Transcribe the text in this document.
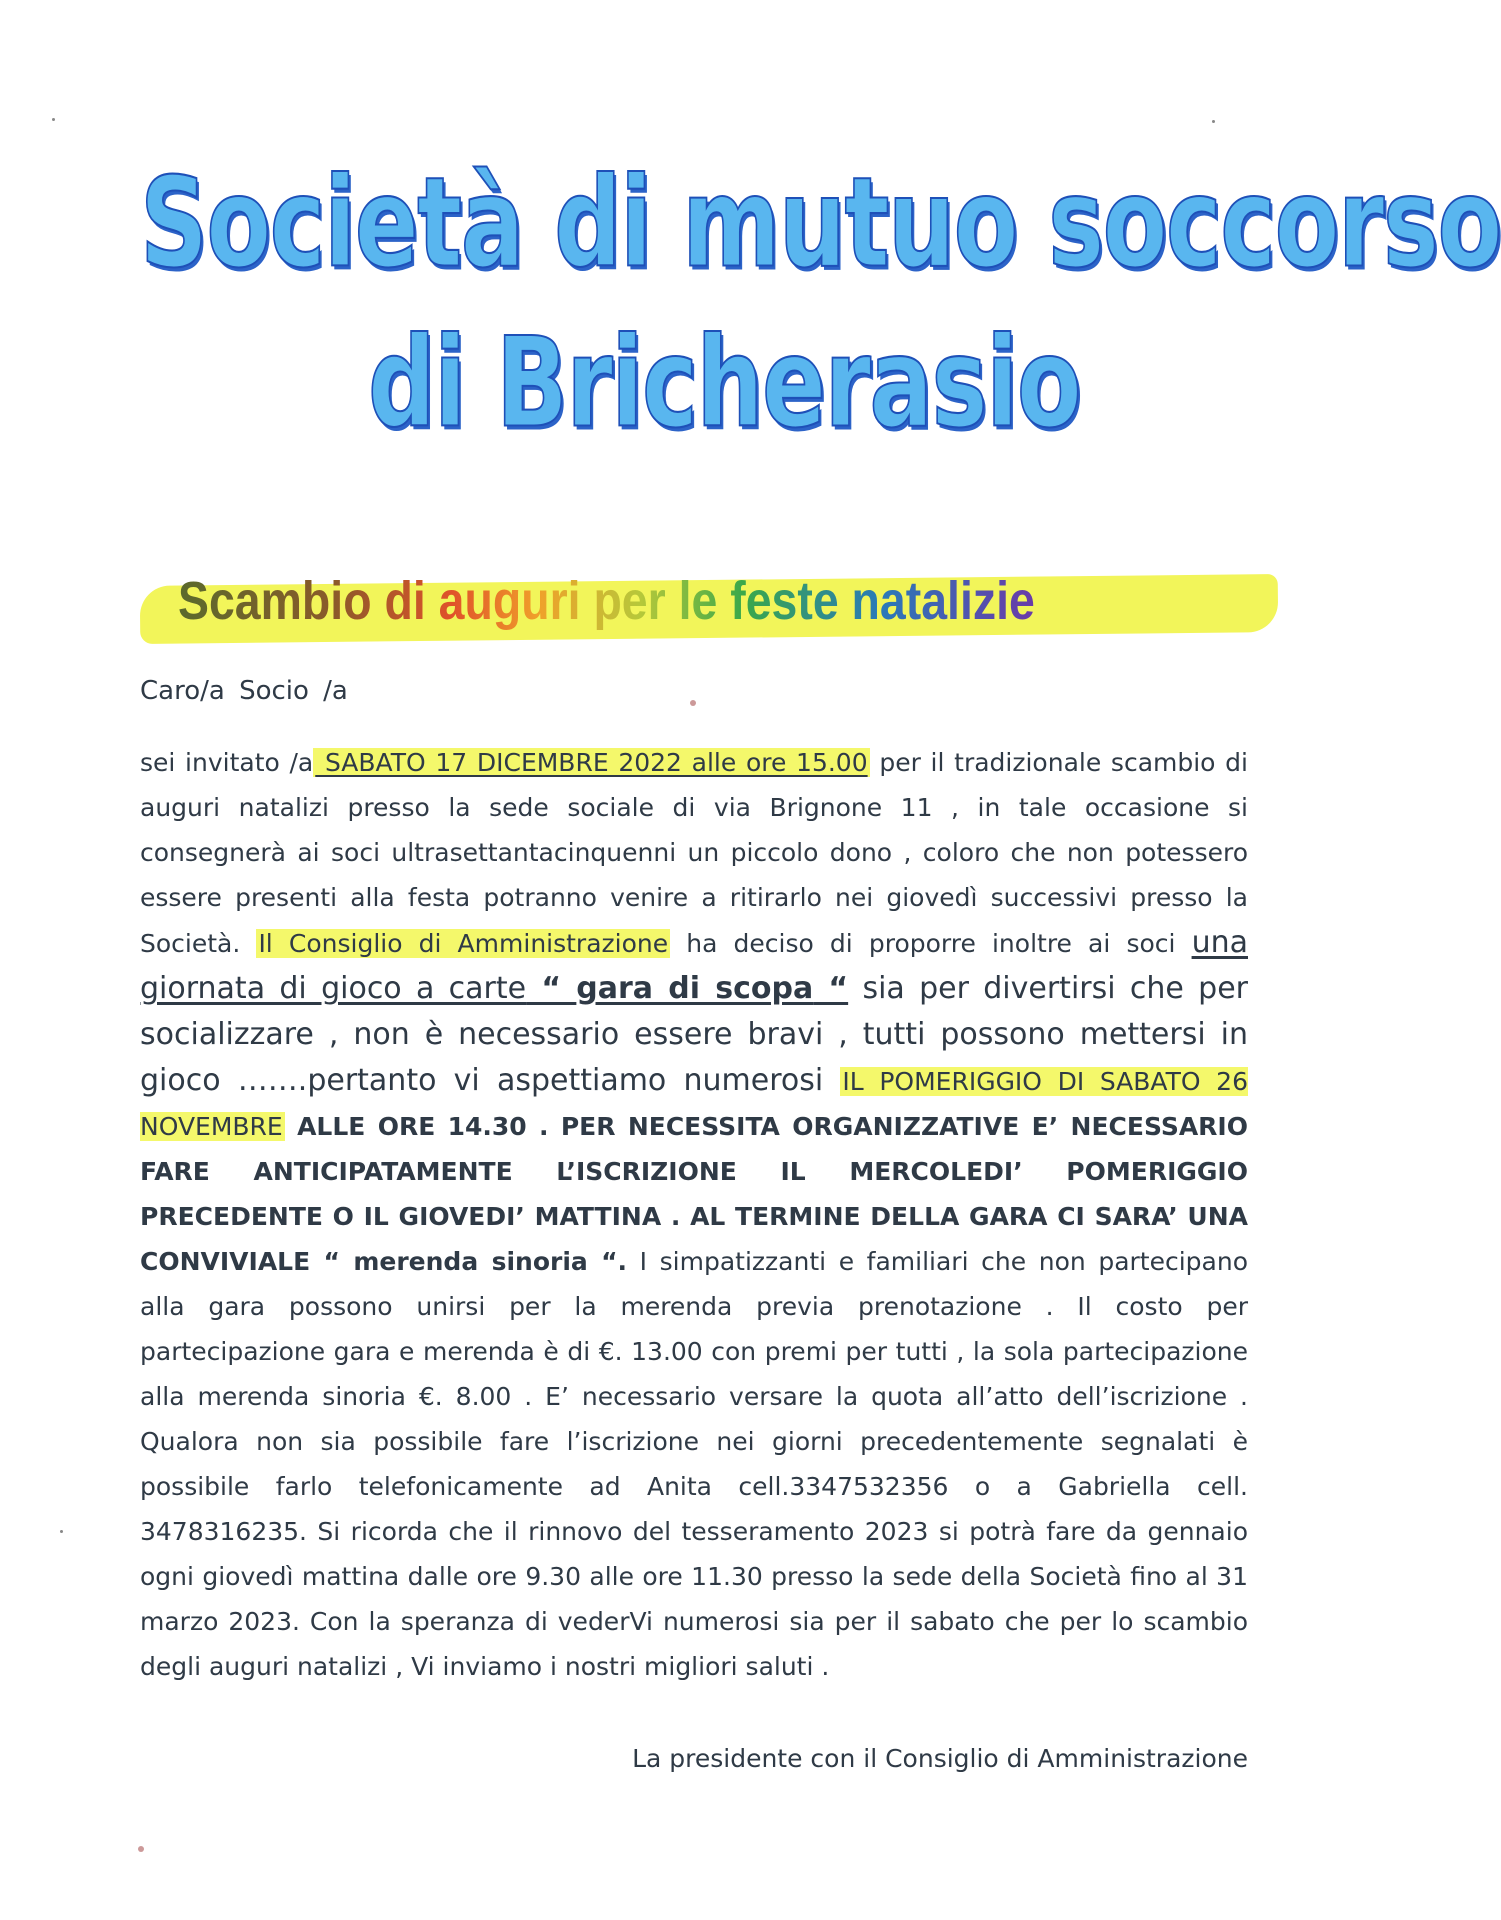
Società di mutuo soccorso
di Bricherasio
Scambio di auguri per le feste natalizie
Caro/a Socio /a
sei invitato /a SABATO 17 DICEMBRE 2022 alle ore 15.00 per il tradizionale scambio di auguri natalizi presso la sede sociale di via Brignone 11 , in tale occasione si consegnerà ai soci ultrasettantacinquenni un piccolo dono , coloro che non potessero essere presenti alla festa potranno venire a ritirarlo nei giovedì successivi presso la Società. Il Consiglio di Amministrazione ha deciso di proporre inoltre ai soci una giornata di gioco a carte “ gara di scopa “ sia per divertirsi che per socializzare , non è necessario essere bravi , tutti possono mettersi in gioco …….pertanto vi aspettiamo numerosi IL POMERIGGIO DI SABATO 26 NOVEMBRE ALLE ORE 14.30 . PER NECESSITA ORGANIZZATIVE E’ NECESSARIO FARE ANTICIPATAMENTE L’ISCRIZIONE IL MERCOLEDI’ POMERIGGIO PRECEDENTE O IL GIOVEDI’ MATTINA . AL TERMINE DELLA GARA CI SARA’ UNA CONVIVIALE “ merenda sinoria “. I simpatizzanti e familiari che non partecipano alla gara possono unirsi per la merenda previa prenotazione . Il costo per partecipazione gara e merenda è di €. 13.00 con premi per tutti , la sola partecipazione alla merenda sinoria €. 8.00 . E’ necessario versare la quota all’atto dell’iscrizione . Qualora non sia possibile fare l’iscrizione nei giorni precedentemente segnalati è possibile farlo telefonicamente ad Anita cell.3347532356 o a Gabriella cell. 3478316235. Si ricorda che il rinnovo del tesseramento 2023 si potrà fare da gennaio ogni giovedì mattina dalle ore 9.30 alle ore 11.30 presso la sede della Società fino al 31 marzo 2023. Con la speranza di vederVi numerosi sia per il sabato che per lo scambio degli auguri natalizi , Vi inviamo i nostri migliori saluti .
La presidente con il Consiglio di Amministrazione
